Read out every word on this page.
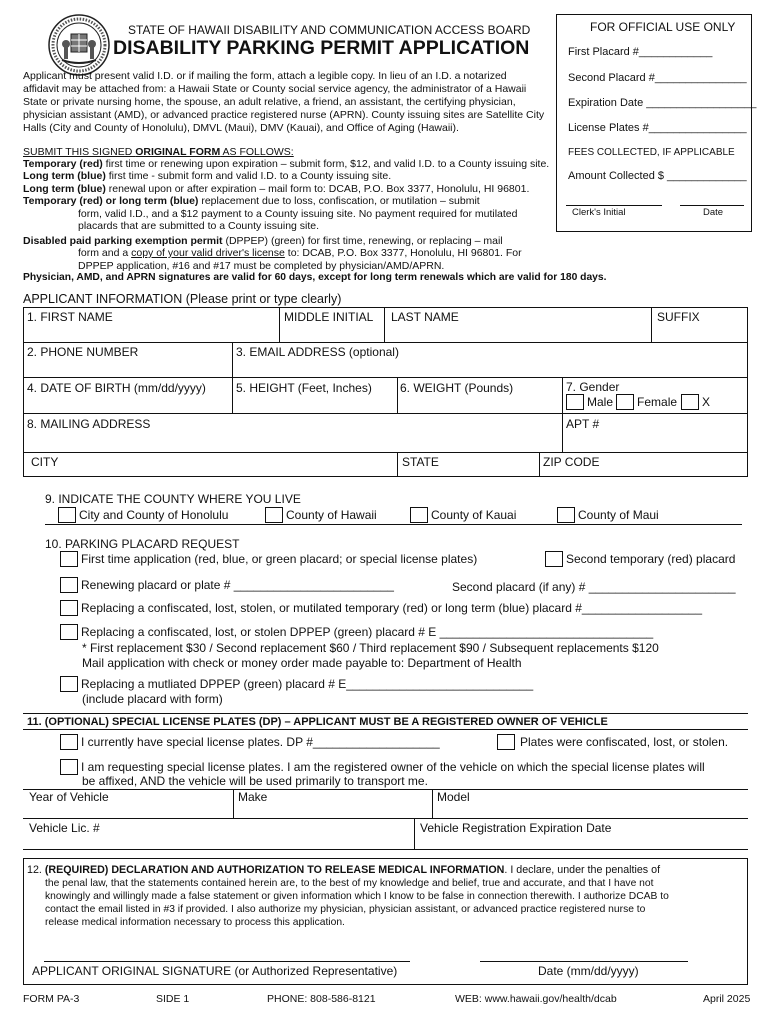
STATE OF HAWAII DISABILITY AND COMMUNICATION ACCESS BOARD
DISABILITY PARKING PERMIT APPLICATION
FOR OFFICIAL USE ONLY
First Placard #____________
Second Placard #_______________
Expiration Date __________________
License Plates #________________
FEES COLLECTED, IF APPLICABLE
Amount Collected $ _____________
Clerk's Initial	Date
Applicant must present valid I.D. or if mailing the form, attach a legible copy. In lieu of an I.D. a notarized
affidavit may be attached from: a Hawaii State or County social service agency, the administrator of a Hawaii
State or private nursing home, the spouse, an adult relative, a friend, an assistant, the certifying physician,
physician assistant (AMD), or advanced practice registered nurse (APRN). County issuing sites are Satellite City
Halls (City and County of Honolulu), DMVL (Maui), DMV (Kauai), and Office of Aging (Hawaii).
SUBMIT THIS SIGNED ORIGINAL FORM AS FOLLOWS:
Temporary (red) first time or renewing upon expiration – submit form, $12, and valid I.D. to a County issuing site.
Long term (blue) first time - submit form and valid I.D. to a County issuing site.
Long term (blue) renewal upon or after expiration – mail form to: DCAB, P.O. Box 3377, Honolulu, HI 96801.
Temporary (red) or long term (blue) replacement due to loss, confiscation, or mutilation – submit
form, valid I.D., and a $12 payment to a County issuing site. No payment required for mutilated
placards that are submitted to a County issuing site.
Disabled paid parking exemption permit (DPPEP) (green) for first time, renewing, or replacing – mail
form and a copy of your valid driver's license to: DCAB, P.O. Box 3377, Honolulu, HI 96801. For
DPPEP application, #16 and #17 must be completed by physician/AMD/APRN.
Physician, AMD, and APRN signatures are valid for 60 days, except for long term renewals which are valid for 180 days.
APPLICANT INFORMATION (Please print or type clearly)
1. FIRST NAME	MIDDLE INITIAL LAST NAME	SUFFIX
2. PHONE NUMBER	3. EMAIL ADDRESS (optional)
4. DATE OF BIRTH (mm/dd/yyyy)	5. HEIGHT (Feet, Inches) 6. WEIGHT (Pounds)	7. Gender
Male Female X
8. MAILING ADDRESS	APT #
CITY	STATE	ZIP CODE
9. INDICATE THE COUNTY WHERE YOU LIVE
City and County of Honolulu	County of Hawaii	County of Kauai	County of Maui
10. PARKING PLACARD REQUEST
First time application (red, blue, or green placard; or special license plates)	Second temporary (red) placard
Renewing placard or plate # ________________________	Second placard (if any) # ______________________
Replacing a confiscated, lost, stolen, or mutilated temporary (red) or long term (blue) placard #__________________
Replacing a confiscated, lost, or stolen DPPEP (green) placard # E ________________________________
* First replacement $30 / Second replacement $60 / Third replacement $90 / Subsequent replacements $120
Mail application with check or money order made payable to: Department of Health
Replacing a mutliated DPPEP (green) placard # E____________________________
(include placard with form)
11. (OPTIONAL) SPECIAL LICENSE PLATES (DP) – APPLICANT MUST BE A REGISTERED OWNER OF VEHICLE
I currently have special license plates. DP #___________________	Plates were confiscated, lost, or stolen.
I am requesting special license plates. I am the registered owner of the vehicle on which the special license plates will
be affixed, AND the vehicle will be used primarily to transport me.
Year of Vehicle	Make	Model
Vehicle Lic. #	Vehicle Registration Expiration Date
12. (REQUIRED) DECLARATION AND AUTHORIZATION TO RELEASE MEDICAL INFORMATION. I declare, under the penalties of
the penal law, that the statements contained herein are, to the best of my knowledge and belief, true and accurate, and that I have not
knowingly and willingly made a false statement or given information which I know to be false in connection therewith. I authorize DCAB to
contact the email listed in #3 if provided. I also authorize my physician, physician assistant, or advanced practice registered nurse to
release medical information necessary to process this application.
APPLICANT ORIGINAL SIGNATURE (or Authorized Representative)	Date (mm/dd/yyyy)
FORM PA-3	SIDE 1	PHONE: 808-586-8121	WEB: www.hawaii.gov/health/dcab	April 2025
